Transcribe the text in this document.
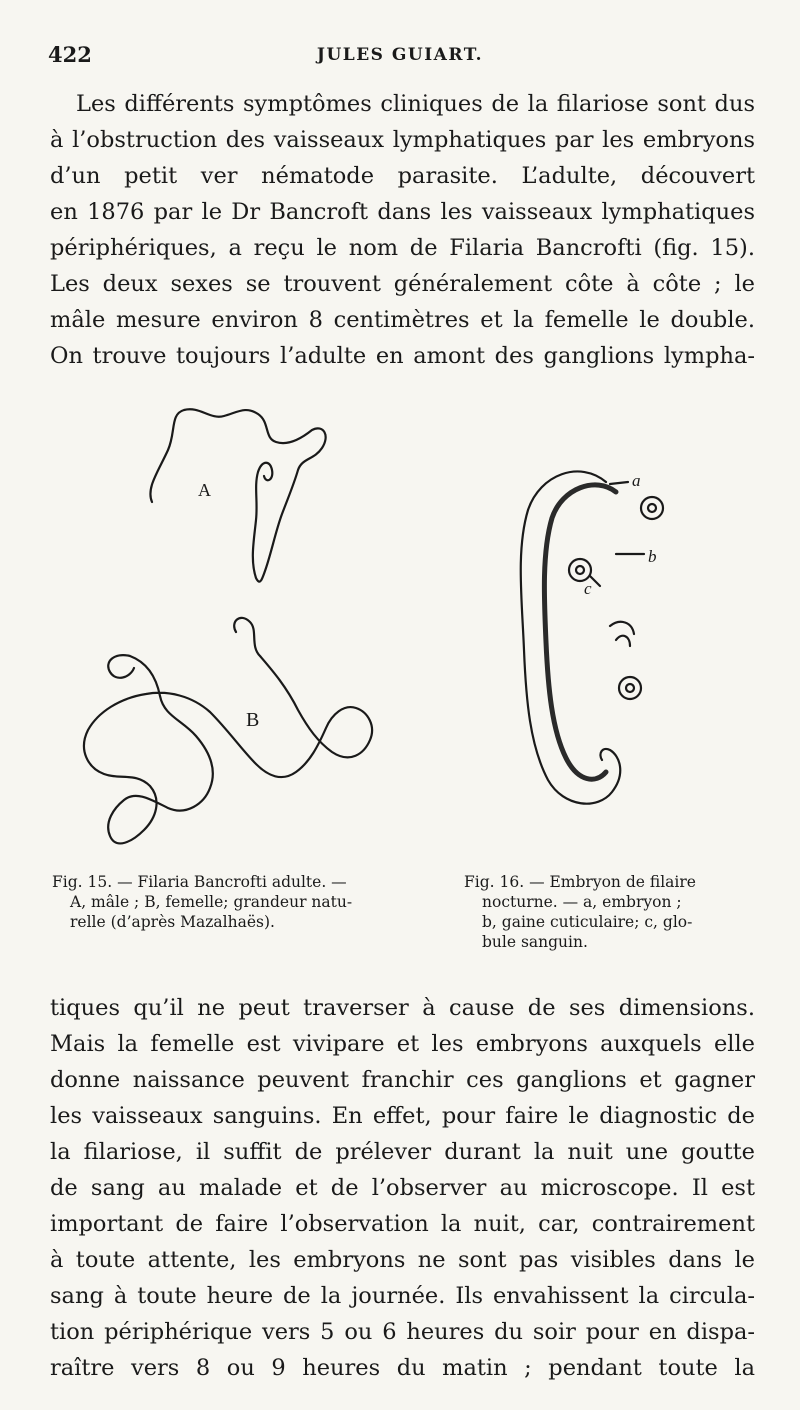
422	JULES GUIART.
Les différents symptômes cliniques de la filariose sont dus
à l’obstruction des vaisseaux lymphatiques par les embryons
d’un petit ver nématode parasite. L’adulte, découvert
en 1876 par le Dr Bancroft dans les vaisseaux lymphatiques
périphériques, a reçu le nom de Filaria Bancrofti (fig. 15).
Les deux sexes se trouvent généralement côte à côte ; le
mâle mesure environ 8 centimètres et la femelle le double.
On trouve toujours l’adulte en amont des ganglions lympha-
A
B
a
b
c
Fig. 15. — Filaria Bancrofti adulte. —
A, mâle ; B, femelle; grandeur natu-
relle (d’après Mazalhaës).
Fig. 16. — Embryon de filaire
nocturne. — a, embryon ;
b, gaine cuticulaire; c, glo-
bule sanguin.
tiques qu’il ne peut traverser à cause de ses dimensions.
Mais la femelle est vivipare et les embryons auxquels elle
donne naissance peuvent franchir ces ganglions et gagner
les vaisseaux sanguins. En effet, pour faire le diagnostic de
la filariose, il suffit de prélever durant la nuit une goutte
de sang au malade et de l’observer au microscope. Il est
important de faire l’observation la nuit, car, contrairement
à toute attente, les embryons ne sont pas visibles dans le
sang à toute heure de la journée. Ils envahissent la circula-
tion périphérique vers 5 ou 6 heures du soir pour en dispa-
raître vers 8 ou 9 heures du matin ; pendant toute la
